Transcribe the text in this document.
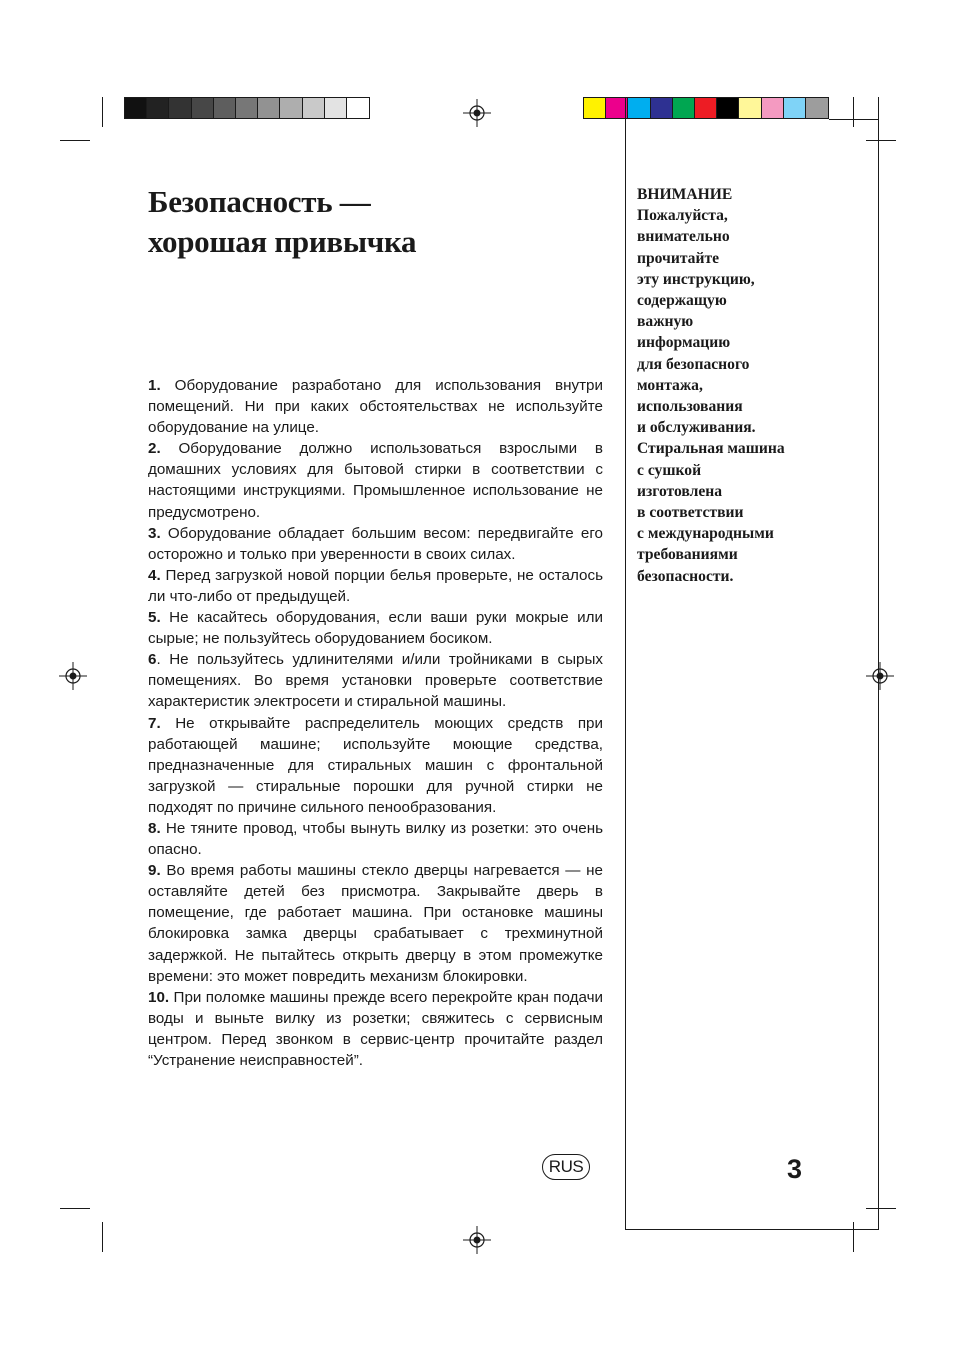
Безопасность —
хорошая привычка

1. Оборудование разработано для использования внутри помещений. Ни при каких обстоятельствах не используйте оборудование на улице.

2. Оборудование должно использоваться взрослыми в домашних условиях для бытовой стирки в соответствии с настоящими инструкциями. Промышленное использование не предусмотрено.

3. Оборудование обладает большим весом: передвигайте его осторожно и только при уверенности в своих силах.

4. Перед загрузкой новой порции белья проверьте, не осталось ли что-либо от предыдущей.

5. Не касайтесь оборудования, если ваши руки мокрые или сырые; не пользуйтесь оборудованием босиком.

6. Не пользуйтесь удлинителями и/или тройниками в сырых помещениях. Во время установки проверьте соответствие характеристик электросети и стиральной машины.

7. Не открывайте распределитель моющих средств при работающей машине; используйте моющие средства, предназначенные для стиральных машин с фронтальной загрузкой — стиральные порошки для ручной стирки не подходят по причине сильного пенообразования.

8. Не тяните провод, чтобы вынуть вилку из розетки: это очень опасно.

9. Во время работы машины стекло дверцы нагревается — не оставляйте детей без присмотра. Закрывайте дверь в помещение, где работает машина. При остановке машины блокировка замка дверцы срабатывает с трехминутной задержкой. Не пытайтесь открыть дверцу в этом промежутке времени: это может повредить механизм блокировки.

10. При поломке машины прежде всего перекройте кран подачи воды и выньте вилку из розетки; свяжитесь с сервисным центром. Перед звонком в сервис-центр прочитайте раздел “Устранение неисправностей”.

ВНИМАНИЕ
Пожалуйста,
внимательно
прочитайте
эту инструкцию,
содержащую
важную
информацию
для безопасного
монтажа,
использования
и обслуживания.
Стиральная машина
с сушкой
изготовлена
в соответствии
с международными
требованиями
безопасности.
RUS	3
